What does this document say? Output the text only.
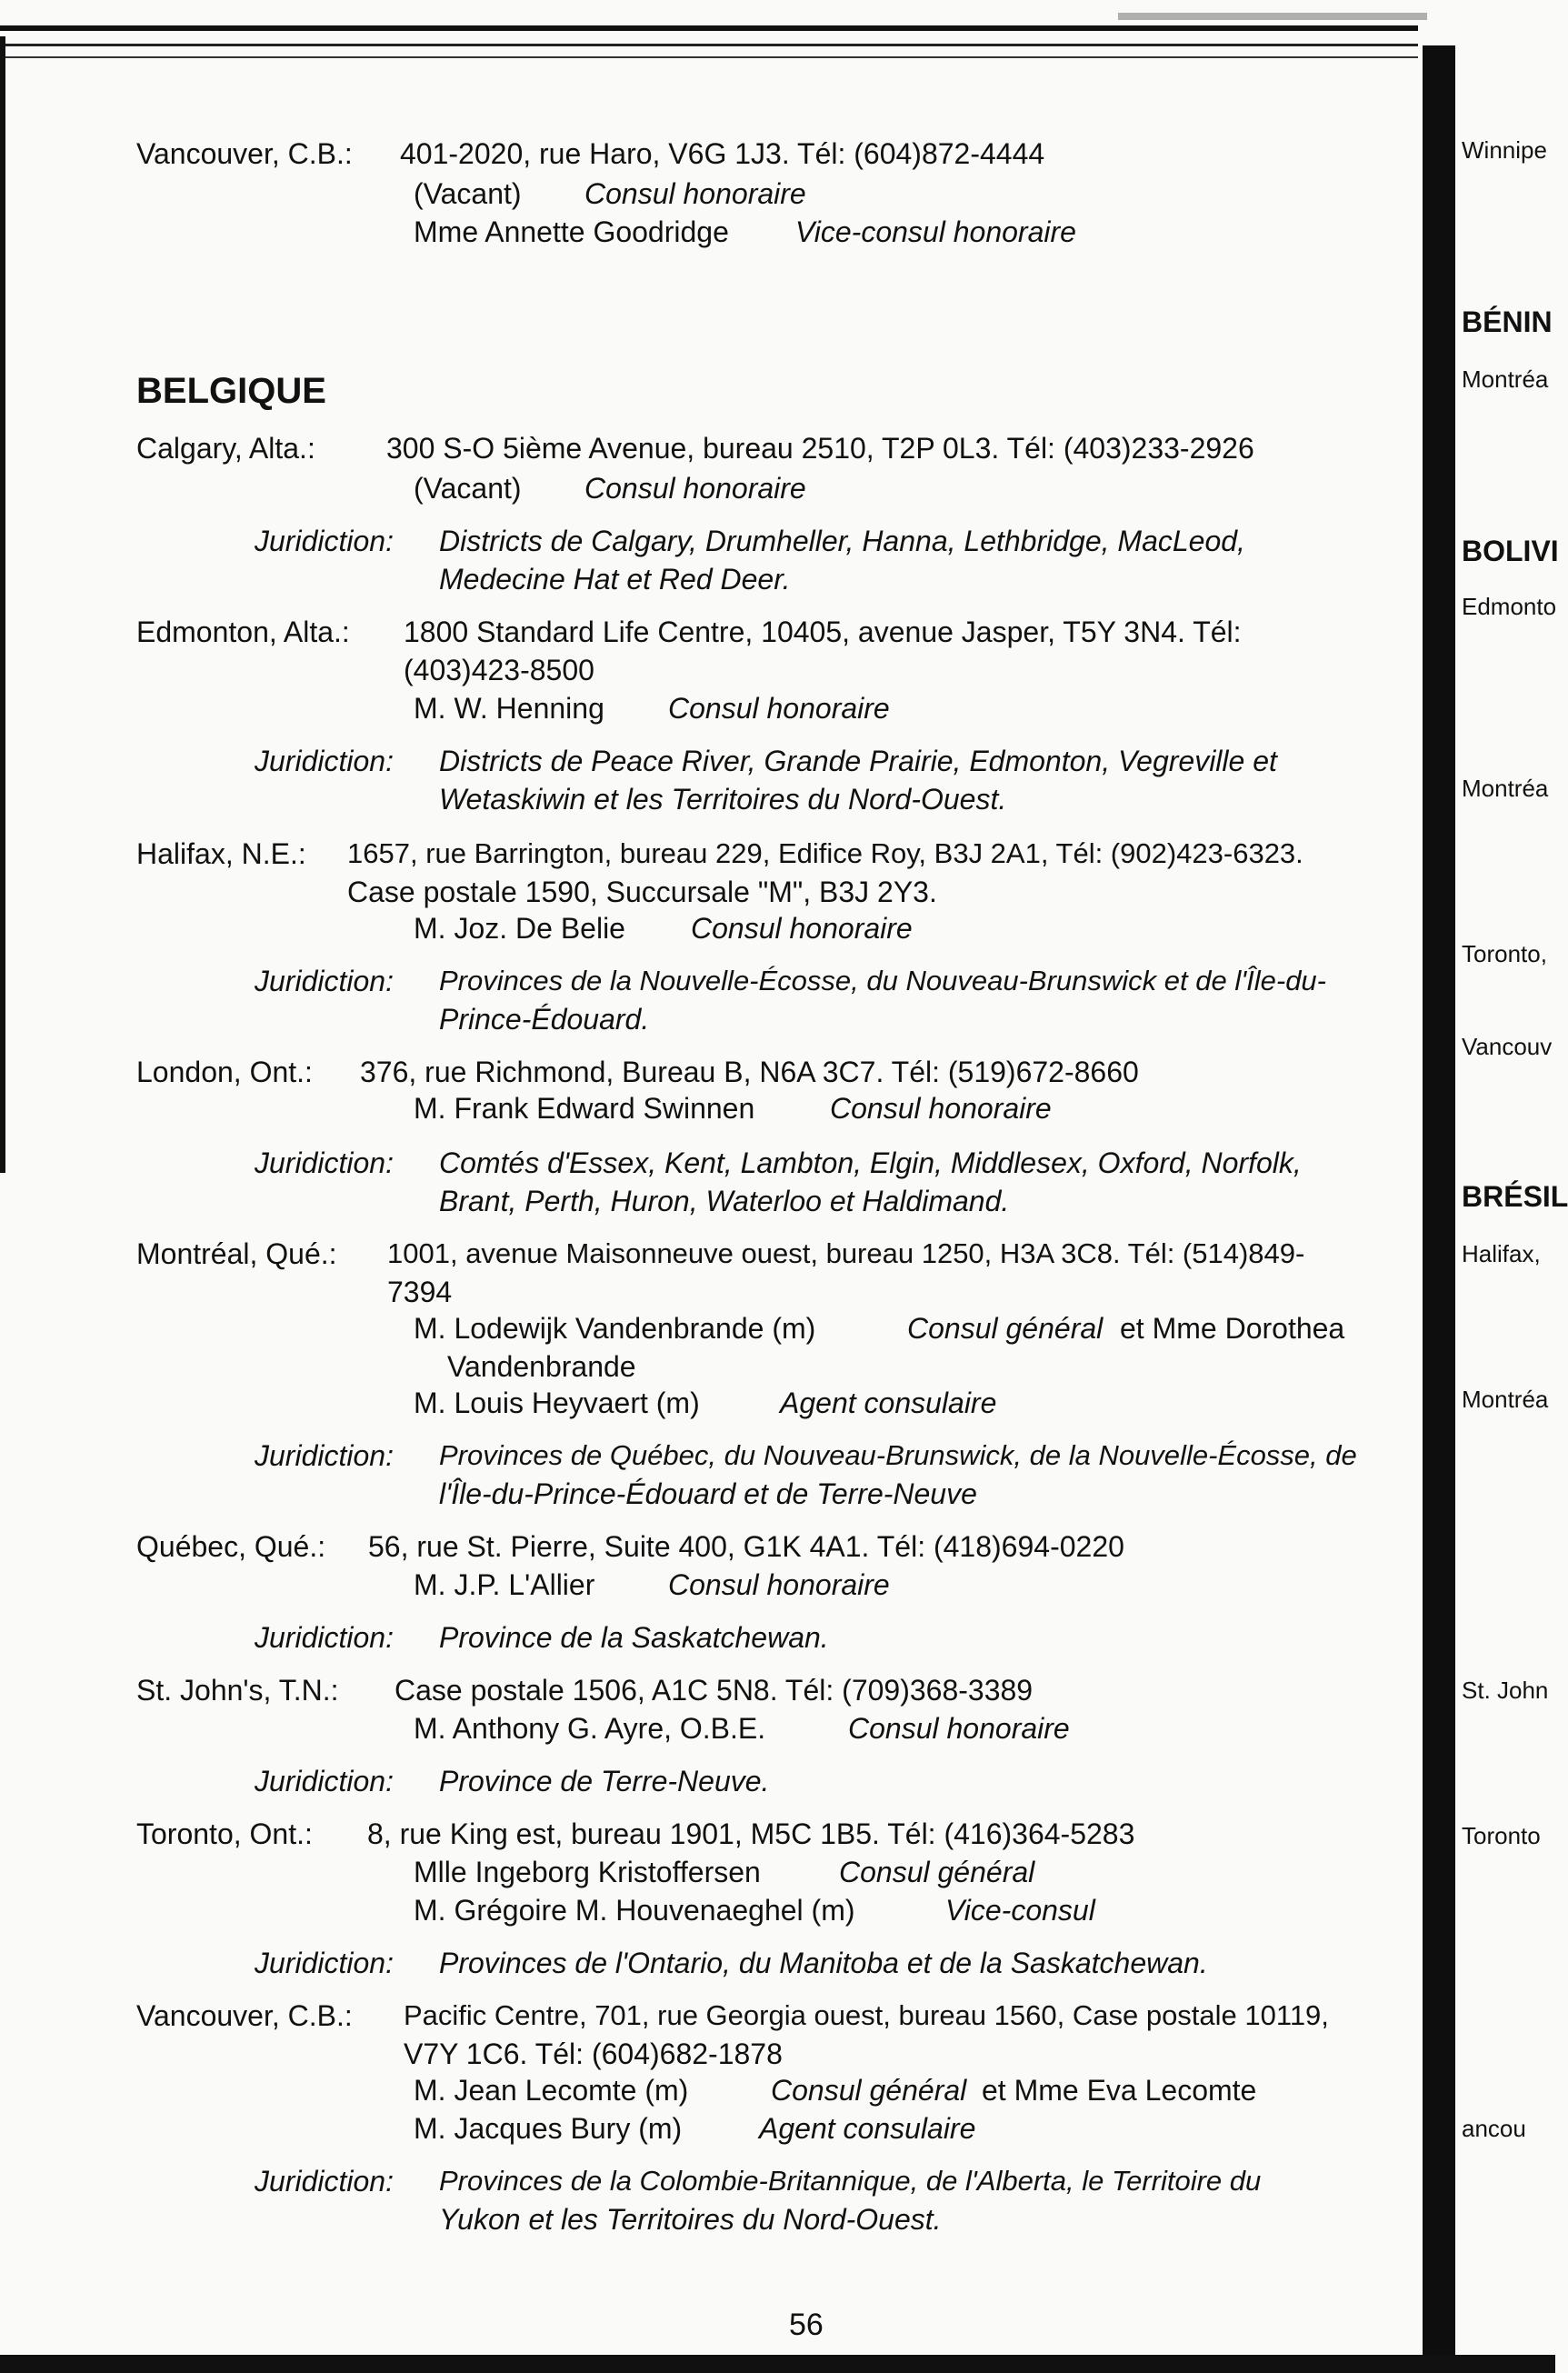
Vancouver, C.B.: 401-2020, rue Haro, V6G 1J3. Tél: (604)872-4444
(Vacant) Consul honoraire
Mme Annette Goodridge Vice-consul honoraire
BELGIQUE
Calgary, Alta.: 300 S-O 5ième Avenue, bureau 2510, T2P 0L3. Tél: (403)233-2926
(Vacant) Consul honoraire
Juridiction: Districts de Calgary, Drumheller, Hanna, Lethbridge, MacLeod,
Medecine Hat et Red Deer.
Edmonton, Alta.: 1800 Standard Life Centre, 10405, avenue Jasper, T5Y 3N4. Tél:
(403)423-8500
M. W. Henning Consul honoraire
Juridiction: Districts de Peace River, Grande Prairie, Edmonton, Vegreville et
Wetaskiwin et les Territoires du Nord-Ouest.
Halifax, N.E.: 1657, rue Barrington, bureau 229, Edifice Roy, B3J 2A1, Tél: (902)423-6323.
Case postale 1590, Succursale "M", B3J 2Y3.
M. Joz. De Belie Consul honoraire
Juridiction: Provinces de la Nouvelle-Écosse, du Nouveau-Brunswick et de l'Île-du-
Prince-Édouard.
London, Ont.: 376, rue Richmond, Bureau B, N6A 3C7. Tél: (519)672-8660
M. Frank Edward Swinnen	Consul honoraire
Juridiction: Comtés d'Essex, Kent, Lambton, Elgin, Middlesex, Oxford, Norfolk,
Brant, Perth, Huron, Waterloo et Haldimand.
Montréal, Qué.: 1001, avenue Maisonneuve ouest, bureau 1250, H3A 3C8. Tél: (514)849-
7394
M. Lodewijk Vandenbrande (m)	Consul général et Mme Dorothea
Vandenbrande
M. Louis Heyvaert (m)	Agent consulaire
Juridiction: Provinces de Québec, du Nouveau-Brunswick, de la Nouvelle-Écosse, de
l'Île-du-Prince-Édouard et de Terre-Neuve
Québec, Qué.: 56, rue St. Pierre, Suite 400, G1K 4A1. Tél: (418)694-0220
M. J.P. L'Allier	Consul honoraire
Juridiction: Province de la Saskatchewan.
St. John's, T.N.: Case postale 1506, A1C 5N8. Tél: (709)368-3389
M. Anthony G. Ayre, O.B.E.	Consul honoraire
Juridiction: Province de Terre-Neuve.
Toronto, Ont.: 8, rue King est, bureau 1901, M5C 1B5. Tél: (416)364-5283
Mlle Ingeborg Kristoffersen	Consul général
M. Grégoire M. Houvenaeghel (m)	Vice-consul
Juridiction: Provinces de l'Ontario, du Manitoba et de la Saskatchewan.
Vancouver, C.B.: Pacific Centre, 701, rue Georgia ouest, bureau 1560, Case postale 10119,
V7Y 1C6. Tél: (604)682-1878
M. Jean Lecomte (m)	Consul général et Mme Eva Lecomte
M. Jacques Bury (m)	Agent consulaire
Juridiction: Provinces de la Colombie-Britannique, de l'Alberta, le Territoire du
Yukon et les Territoires du Nord-Ouest.
56
Winnipe
BÉNIN
Montréa
BOLIVI
Edmonto
Montréa
Toronto,
Vancouv
BRÉSIL
Halifax,
Montréa
St. John
Toronto
ancou
